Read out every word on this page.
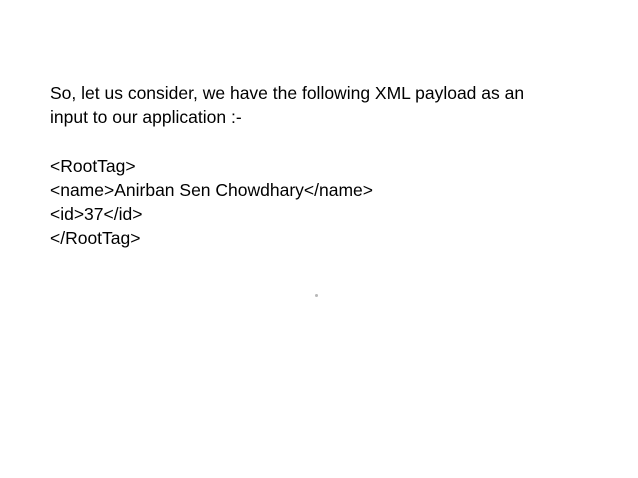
So, let us consider, we have the following XML payload as an
input to our application :-

<RootTag>
<name>Anirban Sen Chowdhary</name>
<id>37</id>
</RootTag>
